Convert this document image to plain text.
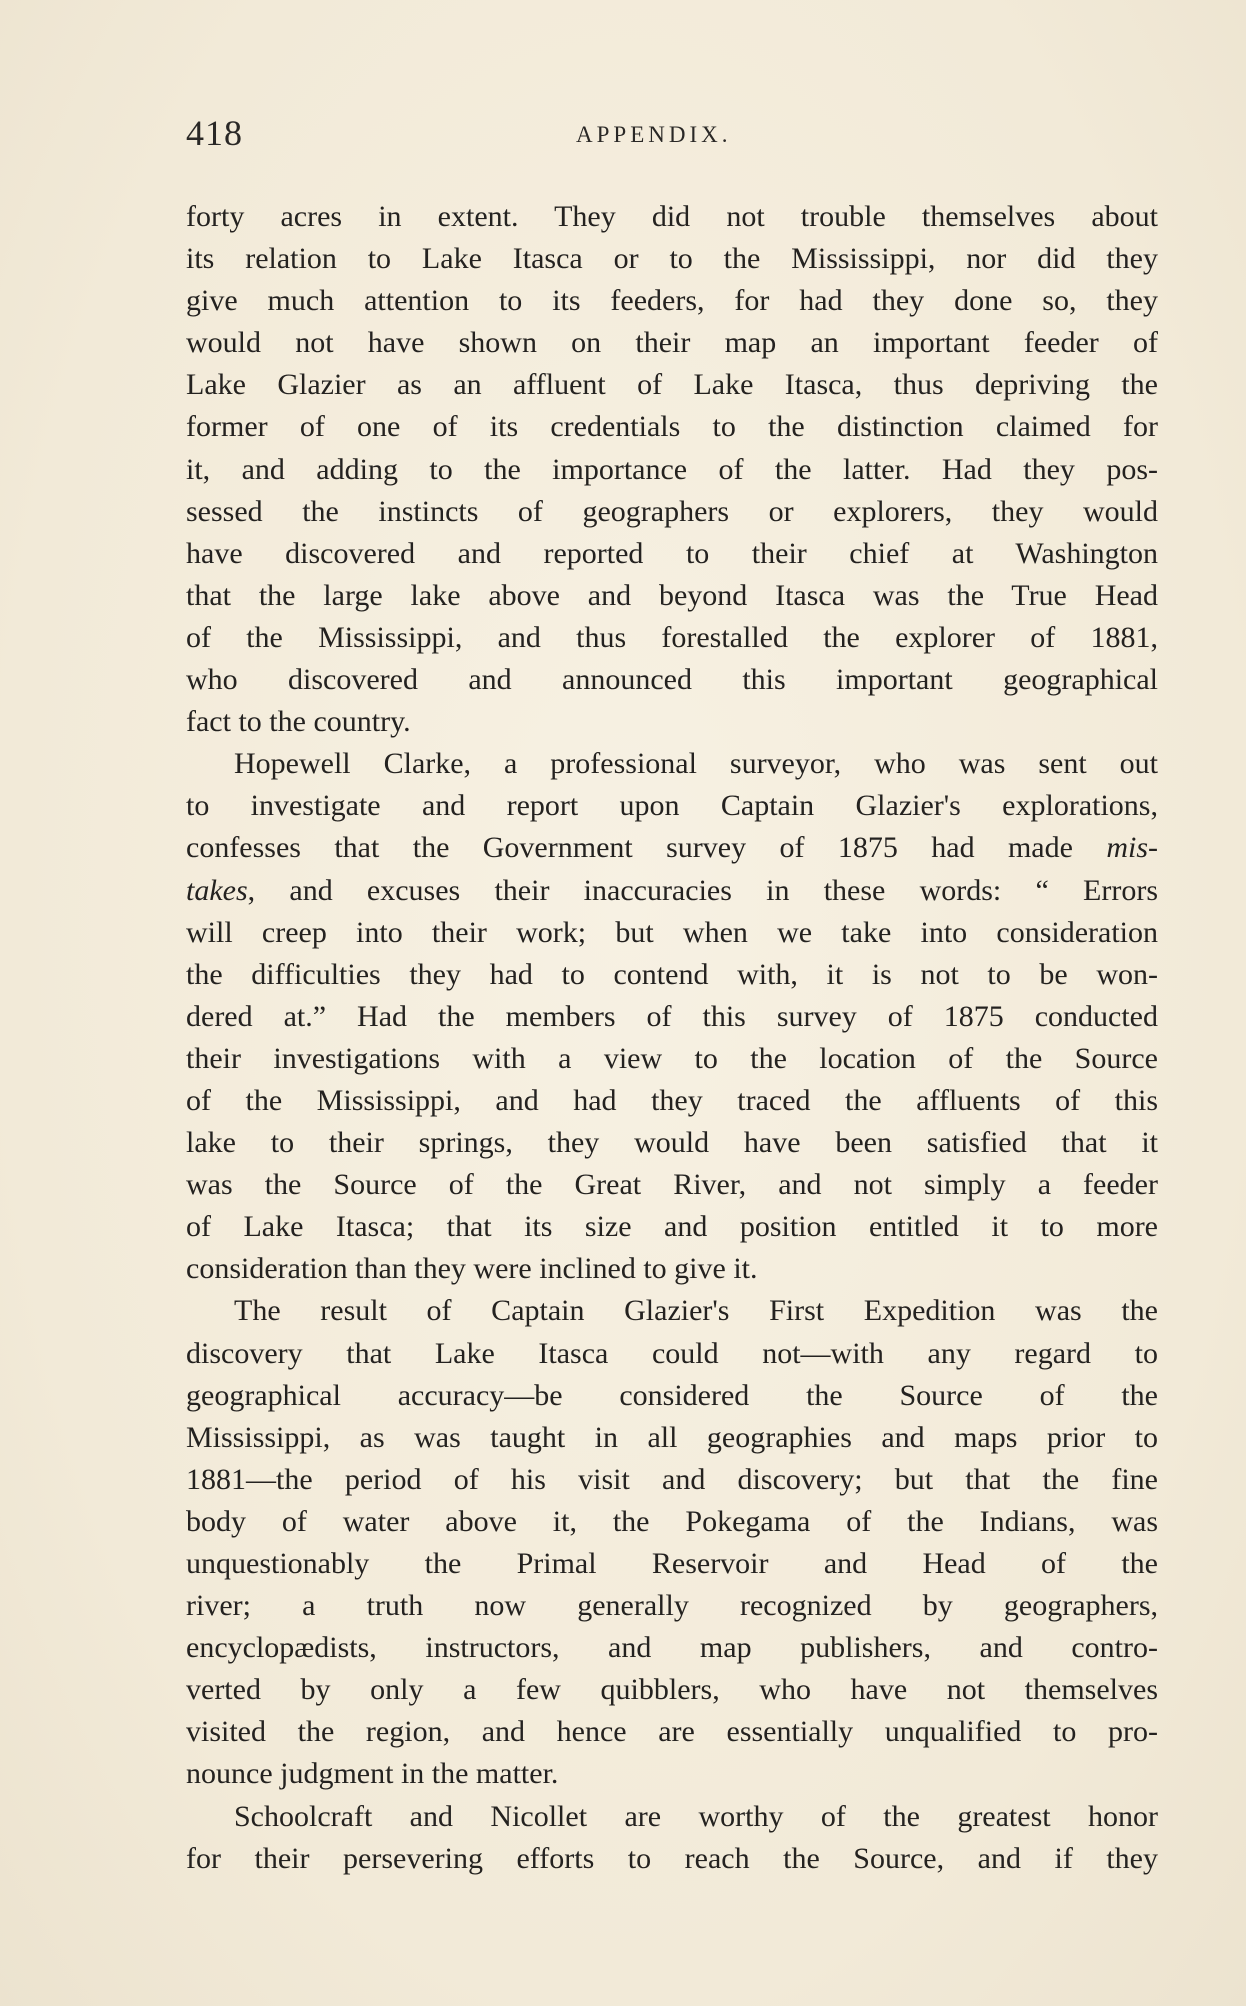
418	APPENDIX.
forty acres in extent. They did not trouble themselves about
its relation to Lake Itasca or to the Mississippi, nor did they
give much attention to its feeders, for had they done so, they
would not have shown on their map an important feeder of
Lake Glazier as an affluent of Lake Itasca, thus depriving the
former of one of its credentials to the distinction claimed for
it, and adding to the importance of the latter. Had they pos-
sessed the instincts of geographers or explorers, they would
have discovered and reported to their chief at Washington
that the large lake above and beyond Itasca was the True Head
of the Mississippi, and thus forestalled the explorer of 1881,
who discovered and announced this important geographical
fact to the country.
Hopewell Clarke, a professional surveyor, who was sent out
to investigate and report upon Captain Glazier's explorations,
confesses that the Government survey of 1875 had made mis-
takes, and excuses their inaccuracies in these words: “ Errors
will creep into their work; but when we take into consideration
the difficulties they had to contend with, it is not to be won-
dered at.” Had the members of this survey of 1875 conducted
their investigations with a view to the location of the Source
of the Mississippi, and had they traced the affluents of this
lake to their springs, they would have been satisfied that it
was the Source of the Great River, and not simply a feeder
of Lake Itasca; that its size and position entitled it to more
consideration than they were inclined to give it.
The result of Captain Glazier's First Expedition was the
discovery that Lake Itasca could not—with any regard to
geographical accuracy—be considered the Source of the
Mississippi, as was taught in all geographies and maps prior to
1881—the period of his visit and discovery; but that the fine
body of water above it, the Pokegama of the Indians, was
unquestionably the Primal Reservoir and Head of the
river; a truth now generally recognized by geographers,
encyclopædists, instructors, and map publishers, and contro-
verted by only a few quibblers, who have not themselves
visited the region, and hence are essentially unqualified to pro-
nounce judgment in the matter.
Schoolcraft and Nicollet are worthy of the greatest honor
for their persevering efforts to reach the Source, and if they
